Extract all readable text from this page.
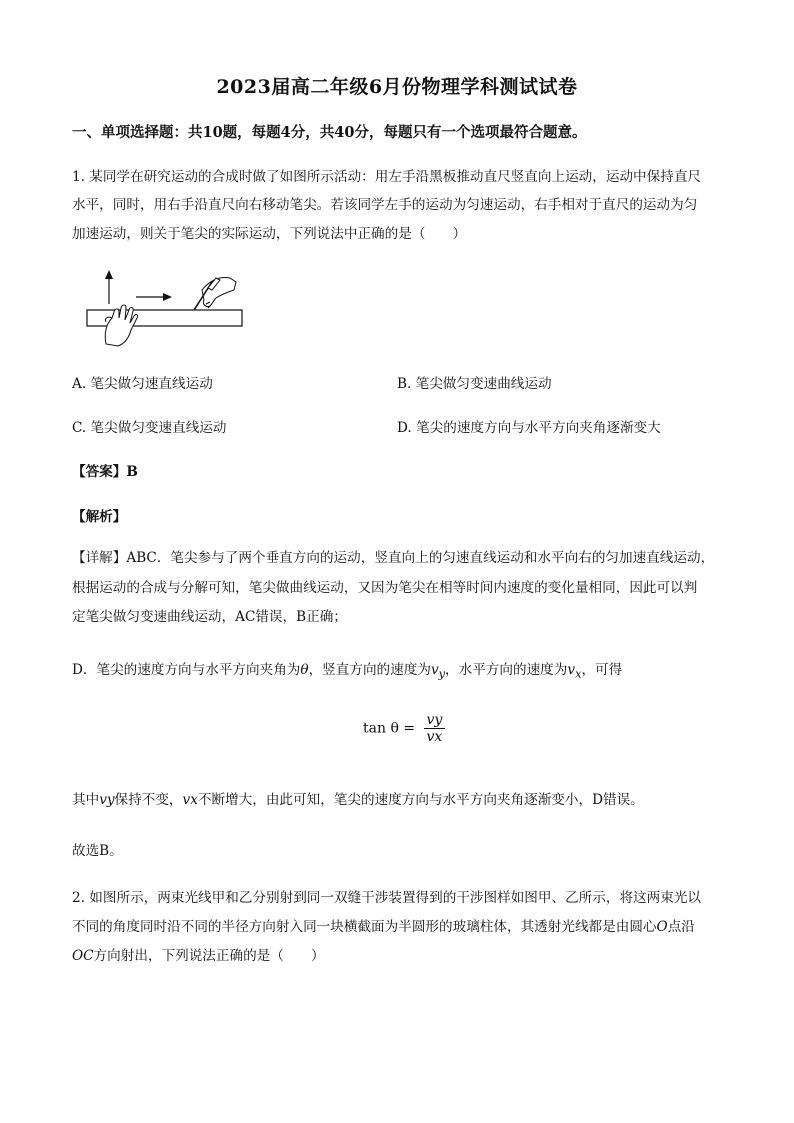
2023届高二年级6月份物理学科测试试卷
一、单项选择题：共10题，每题4分，共40分，每题只有一个选项最符合题意。
1. 某同学在研究运动的合成时做了如图所示活动：用左手沿黑板推动直尺竖直向上运动，运动中保持直尺
水平，同时，用右手沿直尺向右移动笔尖。若该同学左手的运动为匀速运动，右手相对于直尺的运动为匀
加速运动，则关于笔尖的实际运动，下列说法中正确的是（　　）
A. 笔尖做匀速直线运动	B. 笔尖做匀变速曲线运动
C. 笔尖做匀变速直线运动	D. 笔尖的速度方向与水平方向夹角逐渐变大
【答案】B
【解析】
【详解】ABC．笔尖参与了两个垂直方向的运动，竖直向上的匀速直线运动和水平向右的匀加速直线运动，
根据运动的合成与分解可知，笔尖做曲线运动，又因为笔尖在相等时间内速度的变化量相同，因此可以判
定笔尖做匀变速曲线运动，AC错误，B正确；
D．笔尖的速度方向与水平方向夹角为θ，竖直方向的速度为$v_y$，水平方向的速度为$v_x$，可得
$\tan \theta = \frac{vy}{vx}$
其中vy保持不变，vx不断增大，由此可知，笔尖的速度方向与水平方向夹角逐渐变小，D错误。
故选B。
2. 如图所示，两束光线甲和乙分别射到同一双缝干涉装置得到的干涉图样如图甲、乙所示，将这两束光以
不同的角度同时沿不同的半径方向射入同一块横截面为半圆形的玻璃柱体，其透射光线都是由圆心O点沿
OC方向射出，下列说法正确的是（　　）
